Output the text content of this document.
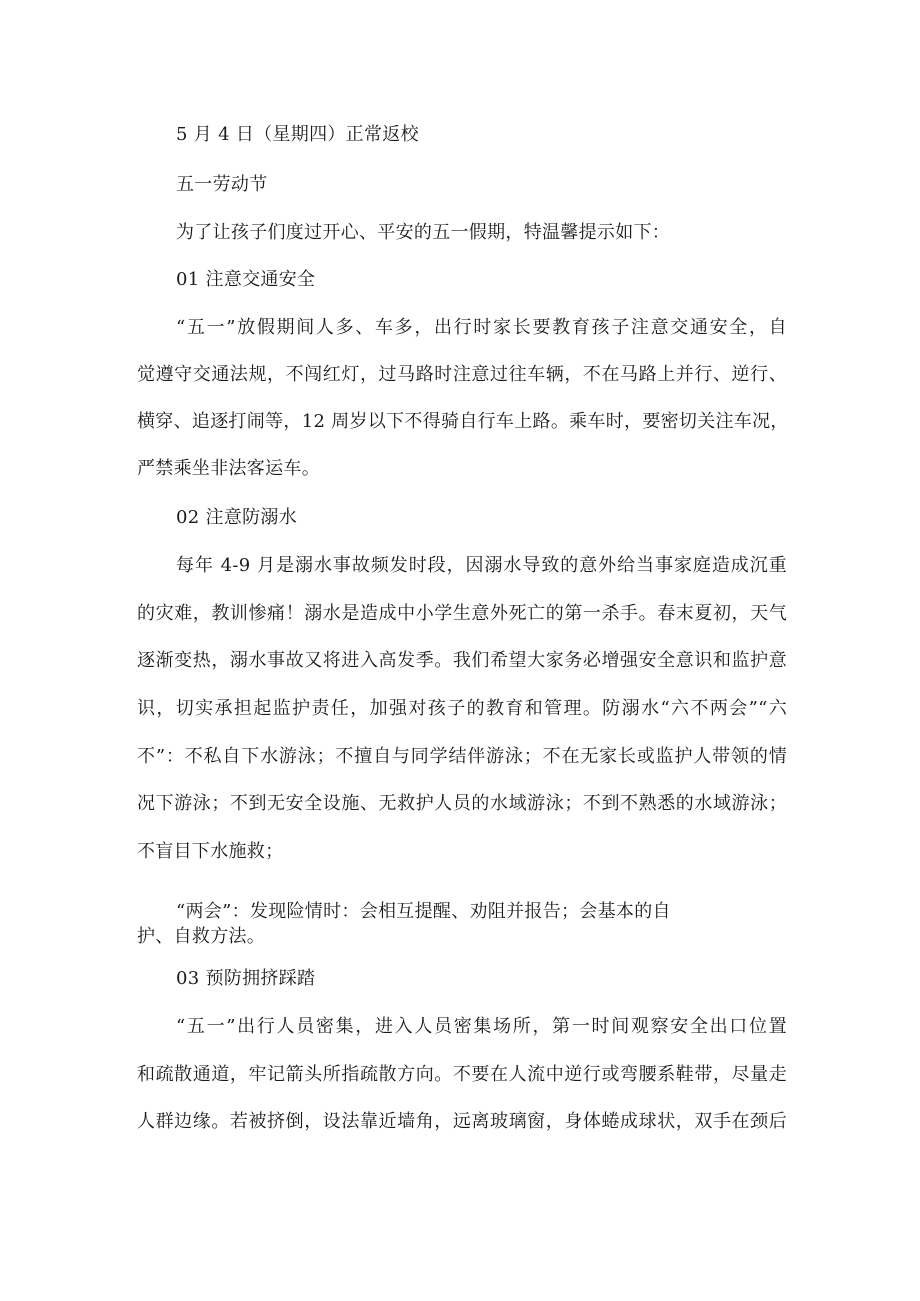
5 月 4 日（星期四）正常返校
五一劳动节
为了让孩子们度过开心、平安的五一假期，特温馨提示如下：
01 注意交通安全
“五一”放假期间人多、车多，出行时家长要教育孩子注意交通安全，自
觉遵守交通法规，不闯红灯，过马路时注意过往车辆，不在马路上并行、逆行、
横穿、追逐打闹等，12 周岁以下不得骑自行车上路。乘车时，要密切关注车况，
严禁乘坐非法客运车。
02 注意防溺水
每年 4-9 月是溺水事故频发时段，因溺水导致的意外给当事家庭造成沉重
的灾难，教训惨痛！溺水是造成中小学生意外死亡的第一杀手。春末夏初，天气
逐渐变热，溺水事故又将进入高发季。我们希望大家务必增强安全意识和监护意
识，切实承担起监护责任，加强对孩子的教育和管理。防溺水“六不两会”“六
不”：不私自下水游泳；不擅自与同学结伴游泳；不在无家长或监护人带领的情
况下游泳；不到无安全设施、无救护人员的水域游泳；不到不熟悉的水域游泳；
不盲目下水施救；
“两会”：发现险情时：会相互提醒、劝阻并报告；会基本的自
护、自救方法。
03 预防拥挤踩踏
“五一”出行人员密集，进入人员密集场所，第一时间观察安全出口位置
和疏散通道，牢记箭头所指疏散方向。不要在人流中逆行或弯腰系鞋带，尽量走
人群边缘。若被挤倒，设法靠近墙角，远离玻璃窗，身体蜷成球状，双手在颈后
